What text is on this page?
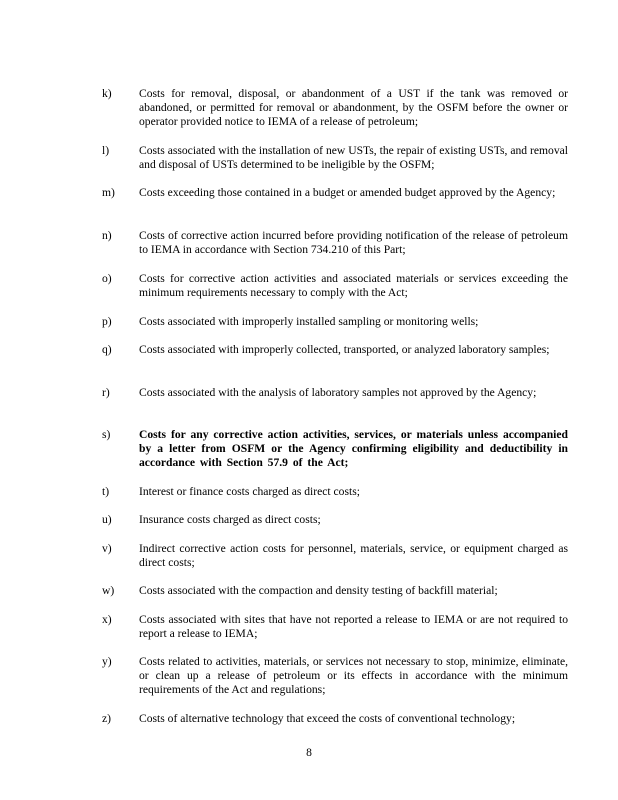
k) Costs for removal, disposal, or abandonment of a UST if the tank was removed or abandoned, or permitted for removal or abandonment, by the OSFM before the owner or operator provided notice to IEMA of a release of petroleum;
l)	Costs associated with the installation of new USTs, the repair of existing USTs, and removal and disposal of USTs determined to be ineligible by the OSFM;
m) Costs exceeding those contained in a budget or amended budget approved by the Agency;
n) Costs of corrective action incurred before providing notification of the release of petroleum to IEMA in accordance with Section 734.210 of this Part;
o) Costs for corrective action activities and associated materials or services exceeding the minimum requirements necessary to comply with the Act;
p) Costs associated with improperly installed sampling or monitoring wells;
q) Costs associated with improperly collected, transported, or analyzed laboratory samples;
r)	Costs associated with the analysis of laboratory samples not approved by the Agency;
s) Costs for any corrective action activities, services, or materials unless accompanied by a letter from OSFM or the Agency confirming eligibility and deductibility in accordance with Section 57.9 of the Act;
t)	Interest or finance costs charged as direct costs;
u) Insurance costs charged as direct costs;
v) Indirect corrective action costs for personnel, materials, service, or equipment charged as direct costs;
w) Costs associated with the compaction and density testing of backfill material;
x) Costs associated with sites that have not reported a release to IEMA or are not required to report a release to IEMA;
y) Costs related to activities, materials, or services not necessary to stop, minimize, eliminate, or clean up a release of petroleum or its effects in accordance with the minimum requirements of the Act and regulations;
z) Costs of alternative technology that exceed the costs of conventional technology;
8
